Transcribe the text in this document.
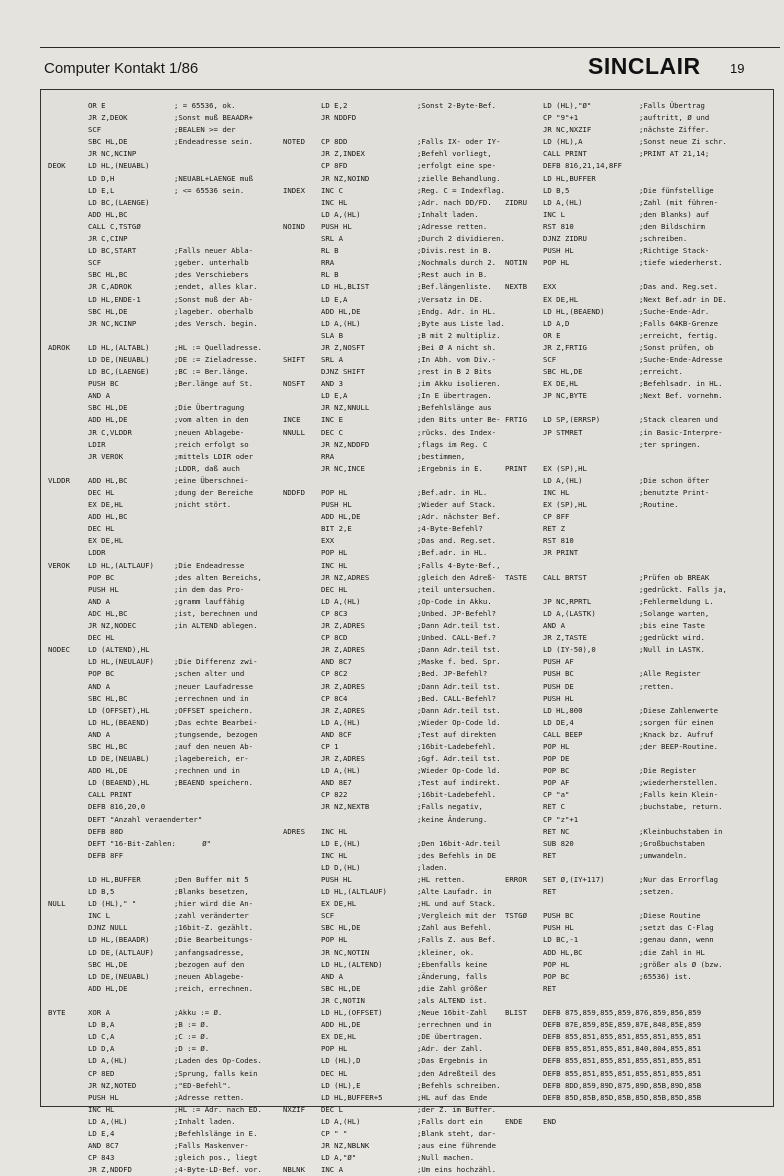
Computer Kontakt 1/86	SINCLAIR 19
OR E	; = 65536, ok.
JR Z,DEOK	;Sonst muß BEAADR+
SCF	;BEALEN >= der
SBC HL,DE	;Endeadresse sein.
JR NC,NCINP
DEOK	LD HL,(NEUABL)
LD D,H	;NEUABL+LAENGE muß
LD E,L	; <= 65536 sein.
LD BC,(LAENGE)
ADD HL,BC
CALL C,TSTGØ
JR C,CINP
LD BC,START	;Falls neuer Abla-
SCF	;geber. unterhalb
SBC HL,BC	;des Verschiebers
JR C,ADROK	;endet, alles klar.
LD HL,ENDE-1	;Sonst muß der Ab-
SBC HL,DE	;lageber. oberhalb
JR NC,NCINP	;des Versch. begin.
ADROK LD HL,(ALTABL)	;HL := Quelladresse.
LD DE,(NEUABL)	;DE := Zieladresse.
LD BC,(LAENGE)	;BC := Ber.länge.
PUSH BC	;Ber.länge auf St.
AND A
SBC HL,DE	;Die Übertragung
ADD HL,DE	;vom alten in den
JR C,VLDDR	;neuen Ablagebe-
LDIR	;reich erfolgt so
JR VEROK	;mittels LDIR oder
;LDDR, daß auch
VLDDR ADD HL,BC	;eine Überschnei-
DEC HL	;dung der Bereiche
EX DE,HL	;nicht stört.
ADD HL,BC
DEC HL
EX DE,HL
LDDR
VEROK LD HL,(ALTLAUF)	;Die Endeadresse
POP BC	;des alten Bereichs,
PUSH HL	;in dem das Pro-
AND A	;gramm lauffähig
ADC HL,BC	;ist, berechnen und
JR NZ,NODEC	;in ALTEND ablegen.
DEC HL
NODEC LD (ALTEND),HL
LD HL,(NEULAUF)	;Die Differenz zwi-
POP BC	;schen alter und
AND A	;neuer Laufadresse
SBC HL,BC	;errechnen und in
LD (OFFSET),HL	;OFFSET speichern.
LD HL,(BEAEND)	;Das echte Bearbei-
AND A	;tungsende, bezogen
SBC HL,BC	;auf den neuen Ab-
LD DE,(NEUABL)	;lagebereich, er-
ADD HL,DE	;rechnen und in
LD (BEAEND),HL	;BEAEND speichern.
CALL PRINT
DEFB 816,20,0
DEFT "Anzahl veraenderter"
DEFB 80D
DEFT "16-Bit-Zahlen:      Ø"
DEFB 8FF
LD HL,BUFFER	;Den Buffer mit 5
LD B,5	;Blanks besetzen,
NULL	LD (HL)," "	;hier wird die An-
INC L	;zahl veränderter
DJNZ NULL	;16bit-Z. gezählt.
LD HL,(BEAADR)	;Die Bearbeitungs-
LD DE,(ALTLAUF)	;anfangsadresse,
SBC HL,DE	;bezogen auf den
LD DE,(NEUABL)	;neuen Ablagebe-
ADD HL,DE	;reich, errechnen.
BYTE	XOR A	;Akku := Ø.
LD B,A	;B := Ø.
LD C,A	;C := Ø.
LD D,A	;D := Ø.
LD A,(HL)	;Laden des Op-Codes.
CP 8ED	;Sprung, falls kein
JR NZ,NOTED	;"ED-Befehl".
PUSH HL	;Adresse retten.
INC HL	;HL := Adr. nach ED.
LD A,(HL)	;Inhalt laden.
LD E,4	;Befehlslänge in E.
AND 8C7	;Falls Maskenver-
CP 843	;gleich pos., liegt
JR Z,NDDFD	;4-Byte-LD-Bef. vor.
LD E,2	;Sonst 2-Byte-Bef.
JR NDDFD
NOTED CP 8DD	;Falls IX- oder IY-
JR Z,INDEX	;Befehl vorliegt,
CP 8FD	;erfolgt eine spe-
JR NZ,NOIND	;zielle Behandlung.
INDEX INC C	;Reg. C = Indexflag.
INC HL	;Adr. nach DD/FD.
LD A,(HL)	;Inhalt laden.
NOIND PUSH HL	;Adresse retten.
SRL A	;Durch 2 dividieren.
RL B	;Divis.rest in B.
RRA	;Nochmals durch 2.
RL B	;Rest auch in B.
LD HL,BLIST	;Bef.längenliste.
LD E,A	;Versatz in DE.
ADD HL,DE	;Endg. Adr. in HL.
LD A,(HL)	;Byte aus Liste lad.
SLA B	;B mit 2 multipliz.
JR Z,NOSFT	;Bei Ø A nicht sh.
SHIFT SRL A	;In Abh. vom Div.-
DJNZ SHIFT	;rest in B 2 Bits
NOSFT AND 3	;im Akku isolieren.
LD E,A	;In E übertragen.
JR NZ,NNULL	;Befehlslänge aus
INCE	INC E	;den Bits unter Be-
NNULL DEC C	;rücks. des Index-
JR NZ,NDDFD	;flags im Reg. C
RRA	;bestimmen,
JR NC,INCE	;Ergebnis in E.
NDDFD POP HL	;Bef.adr. in HL.
PUSH HL	;Wieder auf Stack.
ADD HL,DE	;Adr. nächster Bef.
BIT 2,E	;4-Byte-Befehl?
EXX	;Das and. Reg.set.
POP HL	;Bef.adr. in HL.
INC HL	;Falls 4-Byte-Bef.,
JR NZ,ADRES	;gleich den Adreß-
DEC HL	;teil untersuchen.
LD A,(HL)	;Op-Code in Akku.
CP 8C3	;Unbed. JP-Befehl?
JR Z,ADRES	;Dann Adr.teil tst.
CP 8CD	;Unbed. CALL-Bef.?
JR Z,ADRES	;Dann Adr.teil tst.
AND 8C7	;Maske f. bed. Spr.
CP 8C2	;Bed. JP-Befehl?
JR Z,ADRES	;Dann Adr.teil tst.
CP 8C4	;Bed. CALL-Befehl?
JR Z,ADRES	;Dann Adr.teil tst.
LD A,(HL)	;Wieder Op-Code ld.
AND 8CF	;Test auf direkten
CP 1	;16bit-Ladebefehl.
JR Z,ADRES	;Ggf. Adr.teil tst.
LD A,(HL)	;Wieder Op-Code ld.
AND 8E7	;Test auf indirekt.
CP 822	;16bit-Ladebefehl.
JR NZ,NEXTB	;Falls negativ,
;keine Änderung.
ADRES INC HL
LD E,(HL)	;Den 16bit-Adr.teil
INC HL	;des Befehls in DE
LD D,(HL)	;laden.
PUSH HL	;HL retten.
LD HL,(ALTLAUF)	;Alte Laufadr. in
EX DE,HL	;HL und auf Stack.
SCF	;Vergleich mit der
SBC HL,DE	;Zahl aus Befehl.
POP HL	;Falls Z. aus Bef.
JR NC,NOTIN	;kleiner, ok.
LD HL,(ALTEND)	;Ebenfalls keine
AND A	;Änderung, falls
SBC HL,DE	;die Zahl größer
JR C,NOTIN	;als ALTEND ist.
LD HL,(OFFSET)	;Neue 16bit-Zahl
ADD HL,DE	;errechnen und in
EX DE,HL	;DE übertragen.
POP HL	;Adr. der Zahl.
LD (HL),D	;Das Ergebnis in
DEC HL	;den Adreßteil des
LD (HL),E	;Befehls schreiben.
LD HL,BUFFER+5	;HL auf das Ende
NXZIF DEC L	;der Z. im Buffer.
LD A,(HL)	;Falls dort ein
CP " "	;Blank steht, dar-
JR NZ,NBLNK	;aus eine führende
LD A,"Ø"	;Null machen.
NBLNK INC A	;Um eins hochzähl.
LD (HL),"Ø"	;Falls Übertrag
CP "9"+1	;auftritt, Ø und
JR NC,NXZIF	;nächste Ziffer.
LD (HL),A	;Sonst neue Zi schr.
CALL PRINT	;PRINT AT 21,14;
DEFB 816,21,14,8FF
LD HL,BUFFER
LD B,5	;Die fünfstellige
ZIDRU LD A,(HL)	;Zahl (mit führen-
INC L	;den Blanks) auf
RST 810	;den Bildschirm
DJNZ ZIDRU	;schreiben.
PUSH HL	;Richtige Stack-
NOTIN POP HL	;tiefe wiederherst.
NEXTB EXX	;Das and. Reg.set.
EX DE,HL	;Next Bef.adr in DE.
LD HL,(BEAEND)	;Suche-Ende-Adr.
LD A,D	;Falls 64KB-Grenze
OR E	;erreicht, fertig.
JR Z,FRTIG	;Sonst prüfen, ob
SCF	;Suche-Ende-Adresse
SBC HL,DE	;erreicht.
EX DE,HL	;Befehlsadr. in HL.
JP NC,BYTE	;Next Bef. vornehm.
FRTIG LD SP,(ERRSP)	;Stack clearen und
JP STMRET	;in Basic-Interpre-
;ter springen.
PRINT EX (SP),HL
LD A,(HL)	;Die schon öfter
INC HL	;benutzte Print-
EX (SP),HL	;Routine.
CP 8FF
RET Z
RST 810
JR PRINT
TASTE CALL BRTST	;Prüfen ob BREAK
;gedrückt. Falls ja,
JP NC,RPRTL	;Fehlermeldung L.
LD A,(LASTK)	;Solange warten,
AND A	;bis eine Taste
JR Z,TASTE	;gedrückt wird.
LD (IY-50),0	;Null in LASTK.
PUSH AF
PUSH BC	;Alle Register
PUSH DE	;retten.
PUSH HL
LD HL,800	;Diese Zahlenwerte
LD DE,4	;sorgen für einen
CALL BEEP	;Knack bz. Aufruf
POP HL	;der BEEP-Routine.
POP DE
POP BC	;Die Register
POP AF	;wiederherstellen.
CP "a"	;Falls kein Klein-
RET C	;buchstabe, return.
CP "z"+1
RET NC	;Kleinbuchstaben in
SUB 820	;Großbuchstaben
RET	;umwandeln.
ERROR SET Ø,(IY+117)	;Nur das Errorflag
RET	;setzen.
TSTGØ PUSH BC	;Diese Routine
PUSH HL	;setzt das C-Flag
LD BC,-1	;genau dann, wenn
ADD HL,BC	;die Zahl in HL
POP HL	;größer als Ø (bzw.
POP BC	;65536) ist.
RET
BLIST DEFB 875,859,855,859,876,859,856,859
DEFB 87E,859,85E,859,87E,848,85E,859
DEFB 855,851,855,851,855,851,855,851
DEFB 855,851,855,851,840,804,855,851
DEFB 855,851,855,851,855,851,855,851
DEFB 855,851,855,851,855,851,855,851
DEFB 8DD,859,89D,875,89D,85B,89D,85B
DEFB 85D,85B,85D,85B,85D,85B,85D,85B
ENDE	END
